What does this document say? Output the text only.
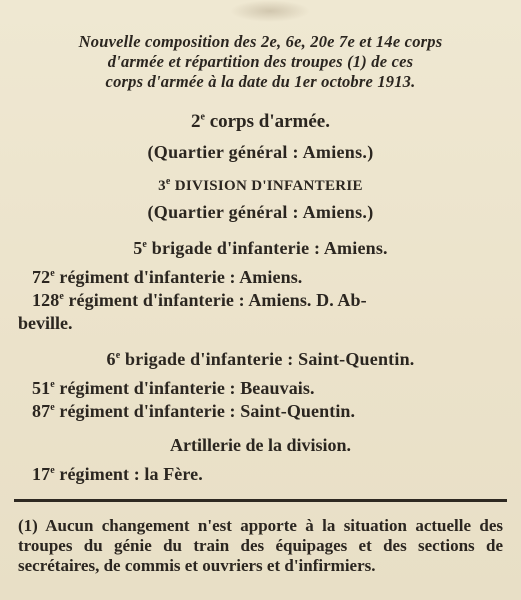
Nouvelle composition des 2e, 6e, 20e 7e et 14e corps
d'armée et répartition des troupes (1) de ces
corps d'armée à la date du 1er octobre 1913.

2e corps d'armée.

(Quartier général : Amiens.)

3e DIVISION D'INFANTERIE

(Quartier général : Amiens.)

5e brigade d'infanterie : Amiens.

72e régiment d'infanterie : Amiens.

128e régiment d'infanterie : Amiens. D. Ab-

beville.

6e brigade d'infanterie : Saint-Quentin.

51e régiment d'infanterie : Beauvais.

87e régiment d'infanterie : Saint-Quentin.

Artillerie de la division.

17e régiment : la Fère.

(1) Aucun changement n'est apporte à la situation actuelle des troupes du génie du train des équipages et des sections de secrétaires, de commis et ouvriers et d'infirmiers.
